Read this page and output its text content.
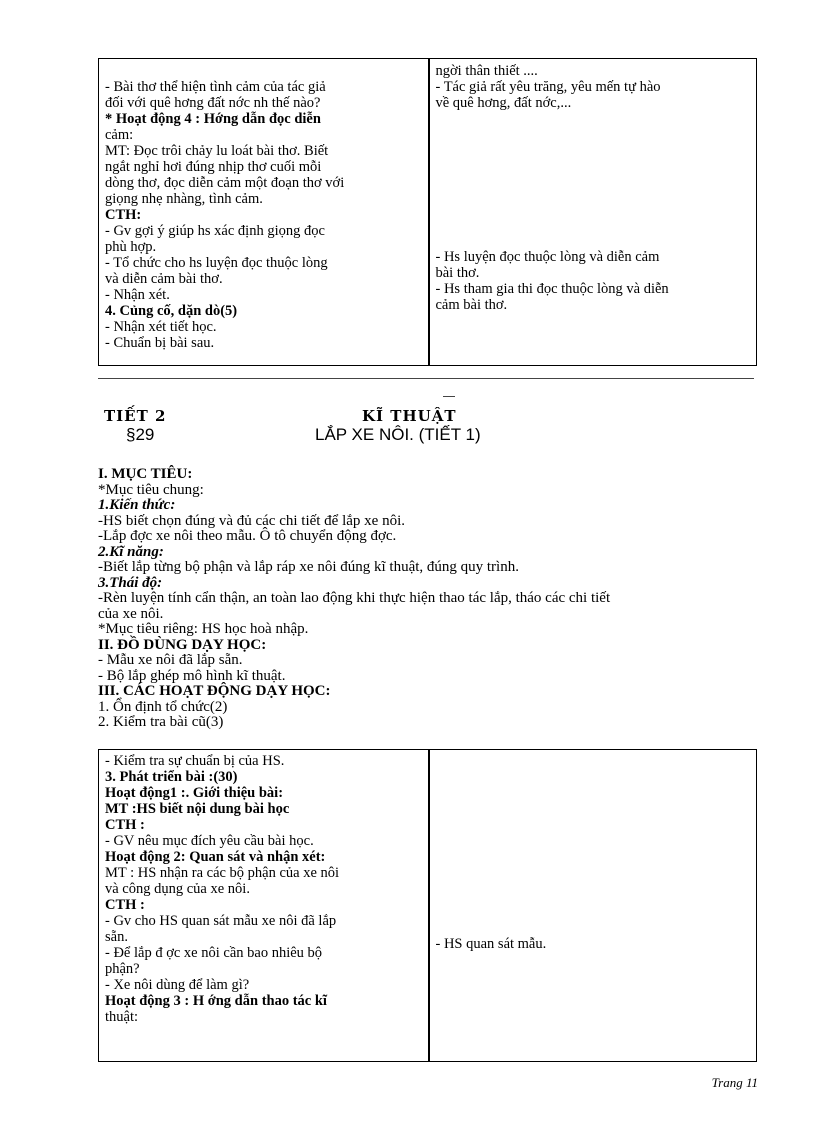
- Bài thơ thể hiện tình cảm của tác giả
đối với quê hơng đất nớc nh thế nào?
* Hoạt động 4 : Hớng dẫn đọc diễn
cảm:
MT: Đọc trôi chảy lu loát bài thơ. Biết
ngắt nghỉ hơi đúng nhịp thơ cuối mỗi
dòng thơ, đọc diễn cảm một đoạn thơ với
giọng nhẹ nhàng, tình cảm.
CTH:
- Gv gợi ý giúp hs xác định giọng đọc
phù hợp.
- Tổ chức cho hs luyện đọc thuộc lòng
và diễn cảm bài thơ.
- Nhận xét.
4. Củng cố, dặn dò(5)
- Nhận xét tiết học.
- Chuẩn bị bài sau.

ngời thân thiết ....
- Tác giả rất yêu trăng, yêu mến tự hào
về quê hơng, đất nớc,...
- Hs luyện đọc thuộc lòng và diễn cảm
bài thơ.
- Hs tham gia thi đọc thuộc lòng và diễn
cảm bài thơ.
TIẾT 2	KĨ THUẬT
§29	LẮP XE NÔI. (TIẾT 1)
I. MỤC TIÊU:
*Mục tiêu chung:
1.Kiến thức:
-HS biết chọn đúng và đủ các chi tiết để lắp xe nôi.
-Lắp đợc xe nôi theo mẫu. Ô tô chuyển động đợc.
2.Kĩ năng:
-Biết lắp từng bộ phận và lắp ráp xe nôi đúng kĩ thuật, đúng quy trình.
3.Thái độ:
-Rèn luyện tính cẩn thận, an toàn lao động khi thực hiện thao tác lắp, tháo các chi tiết
của xe nôi.
*Mục tiêu riêng: HS học hoà nhập.
II. ĐỒ DÙNG DẠY HỌC:
- Mẫu xe nôi đã lắp sẵn.
- Bộ lắp ghép mô hình kĩ thuật.
III. CÁC HOẠT ĐỘNG DẠY HỌC:
1. Ổn định tổ chức(2)
2. Kiểm tra bài cũ(3)
- Kiểm tra sự chuẩn bị của HS.
3. Phát triển bài :(30)
Hoạt động1 :. Giới thiệu bài:
MT :HS biết nội dung bài học
CTH :
- GV nêu mục đích yêu cầu bài học.
Hoạt động 2: Quan sát và nhận xét:
MT : HS nhận ra các bộ phận của xe nôi
và công dụng của xe nôi.
CTH :
- Gv cho HS quan sát mẫu xe nôi đã lắp
sẵn.
- Để lắp đ ợc xe nôi cần bao nhiêu bộ
phận?
- Xe nôi dùng để làm gì?
Hoạt động 3 : H ớng dẫn thao tác kĩ
thuật:

- HS quan sát mẫu.
Trang 11
